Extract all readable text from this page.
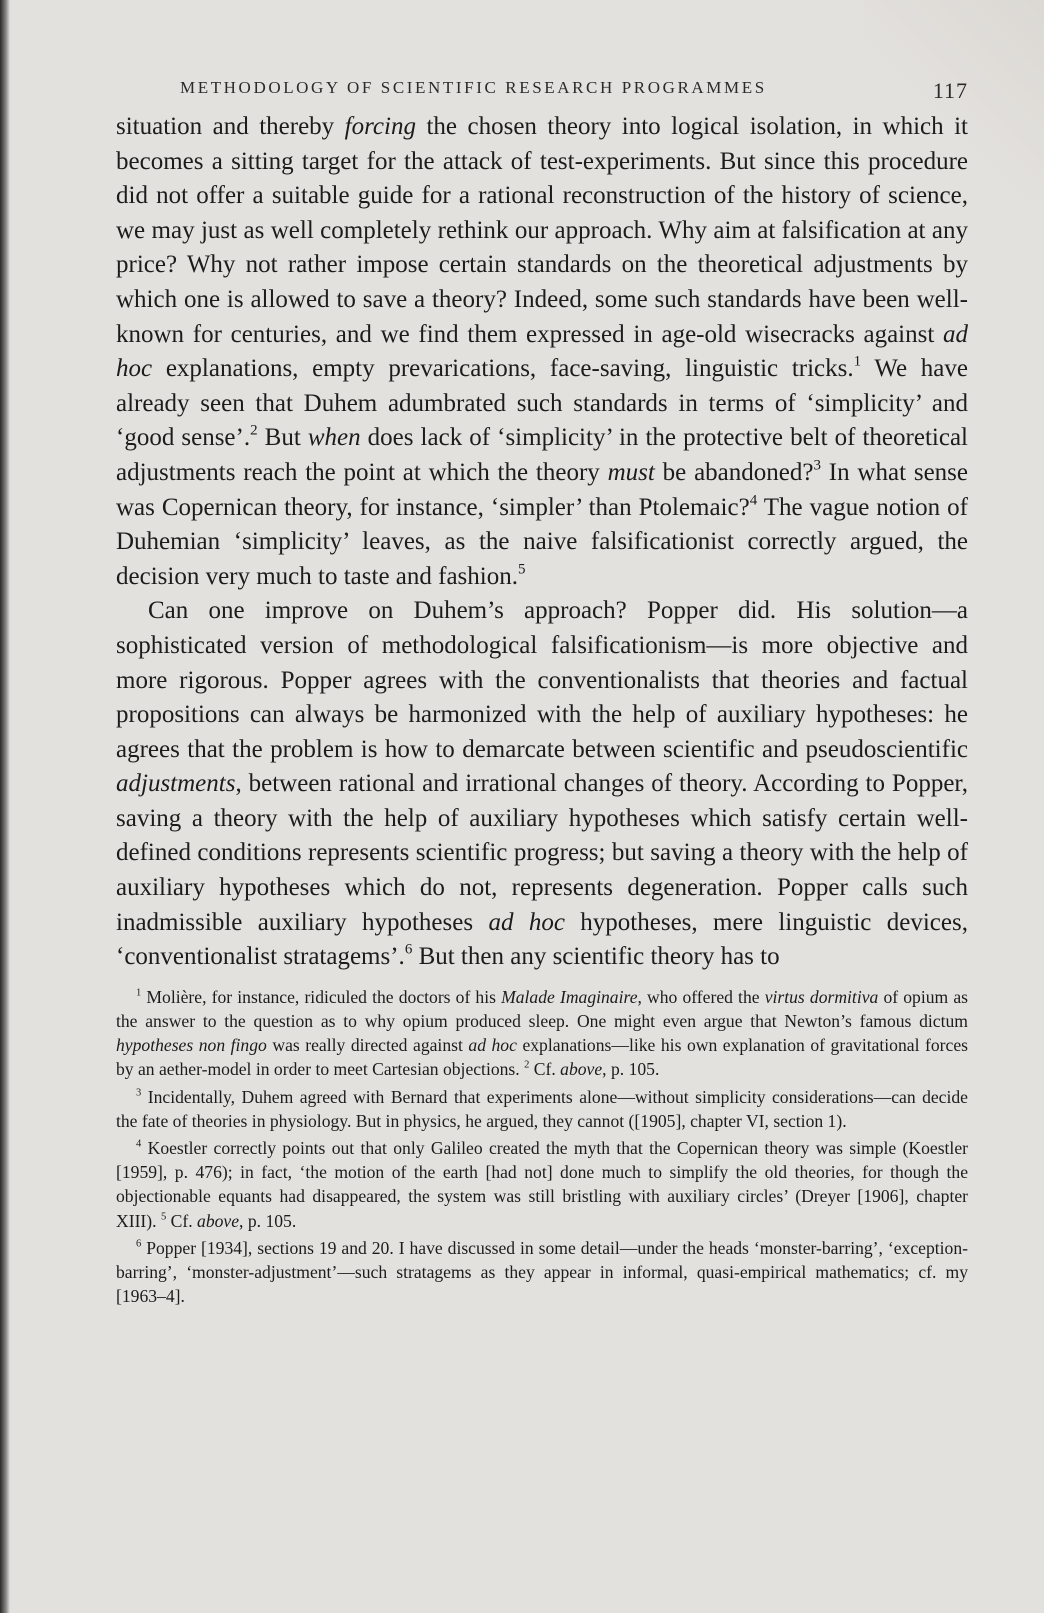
METHODOLOGY OF SCIENTIFIC RESEARCH PROGRAMMES	117

situation and thereby forcing the chosen theory into logical isolation, in which it becomes a sitting target for the attack of test-experiments. But since this procedure did not offer a suitable guide for a rational reconstruction of the history of science, we may just as well completely rethink our approach. Why aim at falsification at any price? Why not rather impose certain standards on the theoretical adjustments by which one is allowed to save a theory? Indeed, some such standards have been well-known for centuries, and we find them expressed in age-old wisecracks against ad hoc explanations, empty prevarications, face-saving, linguistic tricks.$^1$ We have already seen that Duhem adumbrated such standards in terms of ‘simplicity’ and ‘good sense’.$^2$ But when does lack of ‘simplicity’ in the protective belt of theoretical adjustments reach the point at which the theory must be abandoned?$^3$ In what sense was Copernican theory, for instance, ‘simpler’ than Ptolemaic?$^4$ The vague notion of Duhemian ‘simplicity’ leaves, as the naive falsificationist correctly argued, the decision very much to taste and fashion.$^5$

Can one improve on Duhem’s approach? Popper did. His solution—a sophisticated version of methodological falsificationism—is more objective and more rigorous. Popper agrees with the conventionalists that theories and factual propositions can always be harmonized with the help of auxiliary hypotheses: he agrees that the problem is how to demarcate between scientific and pseudoscientific adjustments, between rational and irrational changes of theory. According to Popper, saving a theory with the help of auxiliary hypotheses which satisfy certain well-defined conditions represents scientific progress; but saving a theory with the help of auxiliary hypotheses which do not, represents degeneration. Popper calls such inadmissible auxiliary hypotheses ad hoc hypotheses, mere linguistic devices, ‘conventionalist stratagems’.$^6$ But then any scientific theory has to

$^1$ Molière, for instance, ridiculed the doctors of his Malade Imaginaire, who offered the virtus dormitiva of opium as the answer to the question as to why opium produced sleep. One might even argue that Newton’s famous dictum hypotheses non fingo was really directed against ad hoc explanations—like his own explanation of gravitational forces by an aether-model in order to meet Cartesian objections. $^2$ Cf. above, p. 105.

$^3$ Incidentally, Duhem agreed with Bernard that experiments alone—without simplicity considerations—can decide the fate of theories in physiology. But in physics, he argued, they cannot ([1905], chapter VI, section 1).

$^4$ Koestler correctly points out that only Galileo created the myth that the Copernican theory was simple (Koestler [1959], p. 476); in fact, ‘the motion of the earth [had not] done much to simplify the old theories, for though the objectionable equants had disappeared, the system was still bristling with auxiliary circles’ (Dreyer [1906], chapter XIII). $^5$ Cf. above, p. 105.

$^6$ Popper [1934], sections 19 and 20. I have discussed in some detail—under the heads ‘monster-barring’, ‘exception-barring’, ‘monster-adjustment’—such stratagems as they appear in informal, quasi-empirical mathematics; cf. my [1963–4].
